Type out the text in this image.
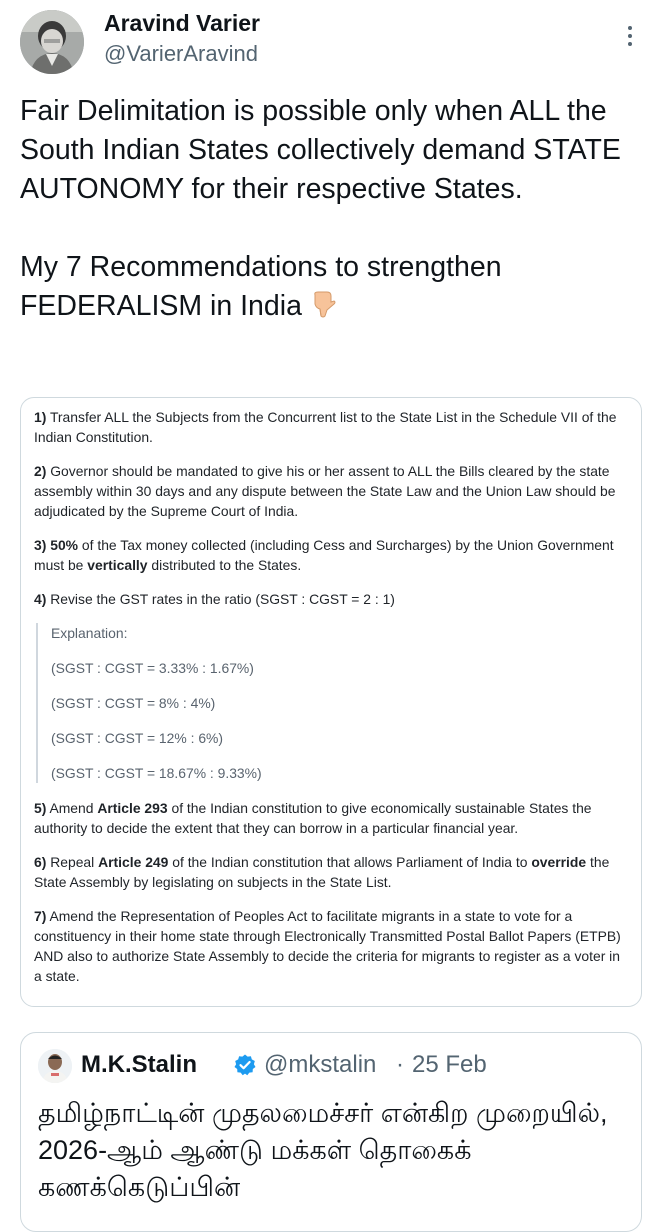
Aravind Varier
@VarierAravind

Fair Delimitation is possible only when ALL the South Indian States collectively demand STATE AUTONOMY for their respective States.

My 7 Recommendations to strengthen FEDERALISM in India

1) Transfer ALL the Subjects from the Concurrent list to the State List in the Schedule VII of the Indian Constitution.

2) Governor should be mandated to give his or her assent to ALL the Bills cleared by the state assembly within 30 days and any dispute between the State Law and the Union Law should be adjudicated by the Supreme Court of India.

3) 50% of the Tax money collected (including Cess and Surcharges) by the Union Government must be vertically distributed to the States.

4) Revise the GST rates in the ratio (SGST : CGST = 2 : 1)

Explanation:

(SGST : CGST = 3.33% : 1.67%)

(SGST : CGST = 8% : 4%)

(SGST : CGST = 12% : 6%)

(SGST : CGST = 18.67% : 9.33%)

5) Amend Article 293 of the Indian constitution to give economically sustainable States the authority to decide the extent that they can borrow in a particular financial year.

6) Repeal Article 249 of the Indian constitution that allows Parliament of India to override the State Assembly by legislating on subjects in the State List.

7) Amend the Representation of Peoples Act to facilitate migrants in a state to vote for a constituency in their home state through Electronically Transmitted Postal Ballot Papers (ETPB) AND also to authorize State Assembly to decide the criteria for migrants to register as a voter in a state.

M.K.Stalin	@mkstalin · 25 Feb
தமிழ்நாட்டின் முதலமைச்சர் என்கிற முறையில், 2026-ஆம் ஆண்டு மக்கள் தொகைக் கணக்கெடுப்பின்
